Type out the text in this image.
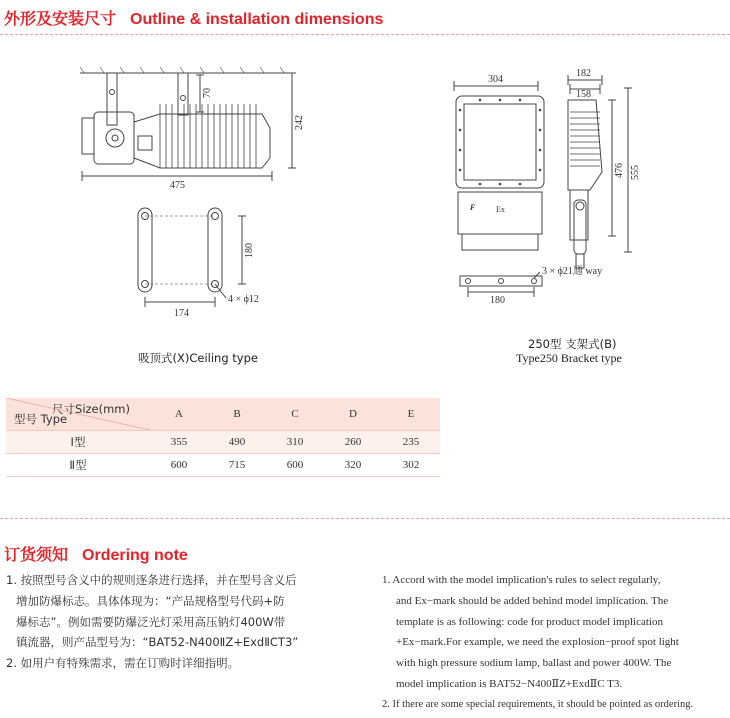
外形及安装尺寸 Outline & installation dimensions
70
242
475
180
174
4 × ϕ12
吸顶式(X)Ceiling type
304
182
158
476 555
F	Ex
180
3 × ϕ21通 way
250型 支架式(B)
Type250 Bracket type
尺寸Size(mm)
型号 Type	A	B	C	D	E
Ⅰ型	355	490	310	260	235
Ⅱ型	600	715	600	320	302
订货须知 Ordering note

1. 按照型号含义中的规则逐条进行选择，并在型号含义后

增加防爆标志。具体体现为：“产品规格型号代码+防

爆标志”。例如需要防爆泛光灯采用高压钠灯400W带

镇流器，则产品型号为：“BAT52-N400ⅡZ+ExdⅡCT3”

2. 如用户有特殊需求，需在订购时详细指明。

1. Accord with the model implication's rules to select regularly,

and Ex−mark should be added behind model implication. The

template is as following: code for product model implication

+Ex−mark.For example, we need the explosion−proof spot light

with high pressure sodium lamp, ballast and power 400W. The

model implication is BAT52−N400ⅡZ+ExdⅡC T3.

2. If there are some special requirements, it should be pointed as ordering.
